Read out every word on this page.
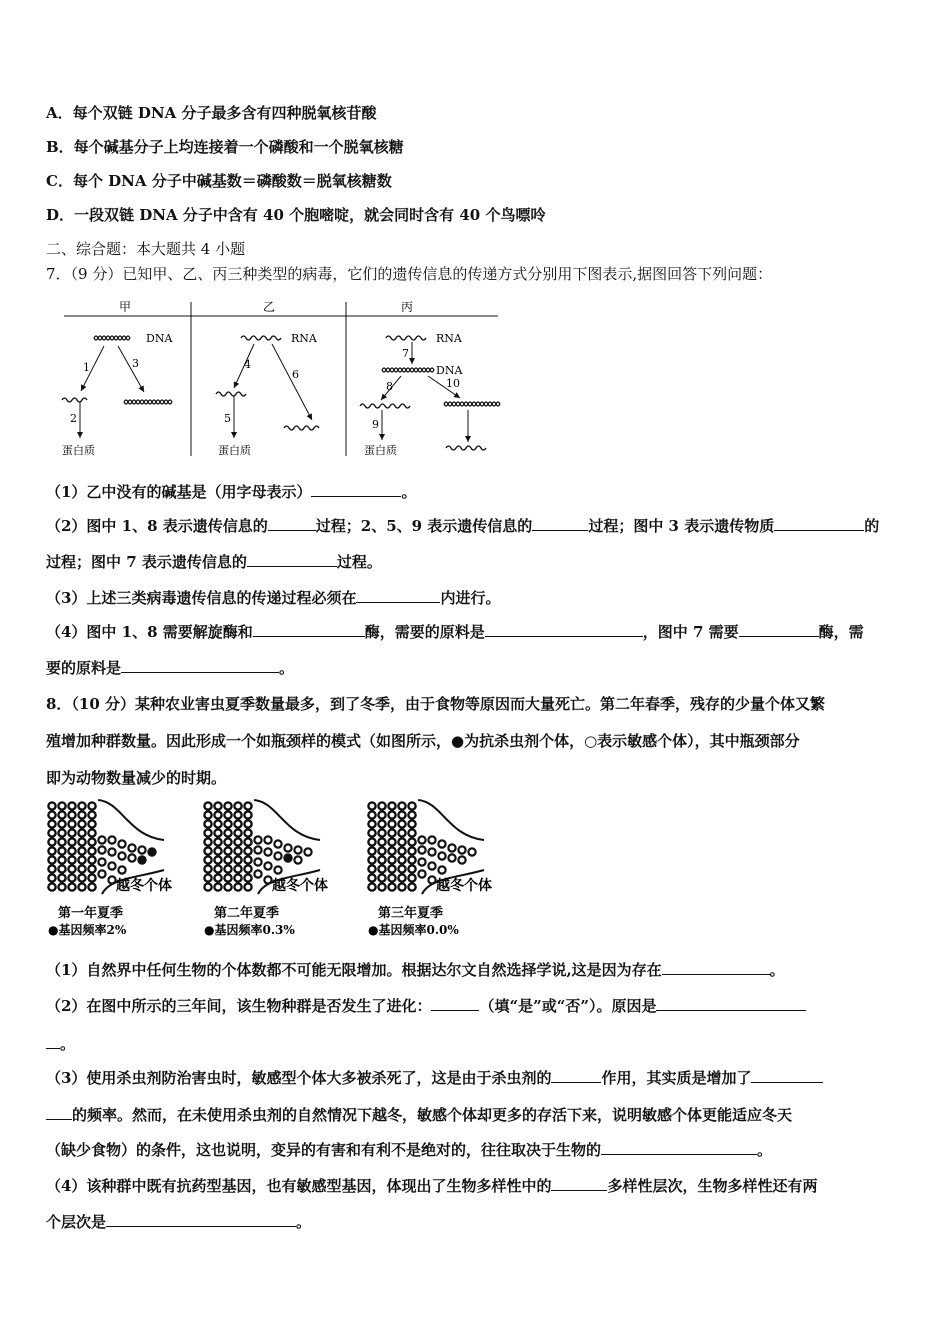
A．每个双链 DNA 分子最多含有四种脱氧核苷酸
B．每个碱基分子上均连接着一个磷酸和一个脱氧核糖
C．每个 DNA 分子中碱基数＝磷酸数＝脱氧核糖数
D．一段双链 DNA 分子中含有 40 个胞嘧啶，就会同时含有 40 个鸟嘌呤
二、综合题：本大题共 4 小题
7．（9 分）已知甲、乙、丙三种类型的病毒，它们的遗传信息的传递方式分别用下图表示,据图回答下列问题：
甲	乙	丙
DNA
1	3
2
蛋白质
RNA
4
6
5
蛋白质
RNA
7
DNA
8	10
9
蛋白质
（1）乙中没有的碱基是（用字母表示）	。
（2）图中 1、8 表示遗传信息的	过程；2、5、9 表示遗传信息的	过程；图中 3 表示遗传物质	的
过程；图中 7 表示遗传信息的	过程。
（3）上述三类病毒遗传信息的传递过程必须在	内进行。
（4）图中 1、8 需要解旋酶和	酶，需要的原料是	，图中 7 需要	酶，需
要的原料是	。
8．（10 分）某种农业害虫夏季数量最多，到了冬季，由于食物等原因而大量死亡。第二年春季，残存的少量个体又繁
殖增加种群数量。因此形成一个如瓶颈样的模式（如图所示，●为抗杀虫剂个体，○表示敏感个体），其中瓶颈部分
即为动物数量减少的时期。
越冬个体
第一年夏季
●基因频率2%
越冬个体
第二年夏季
●基因频率0.3%
越冬个体
第三年夏季
●基因频率0.0%
（1）自然界中任何生物的个体数都不可能无限增加。根据达尔文自然选择学说,这是因为存在	。
（2）在图中所示的三年间，该生物种群是否发生了进化：	（填“是”或“否”）。原因是
。
（3）使用杀虫剂防治害虫时，敏感型个体大多被杀死了，这是由于杀虫剂的	作用，其实质是增加了
的频率。然而，在未使用杀虫剂的自然情况下越冬，敏感个体却更多的存活下来，说明敏感个体更能适应冬天
（缺少食物）的条件，这也说明，变异的有害和有利不是绝对的，往往取决于生物的	。
（4）该种群中既有抗药型基因，也有敏感型基因，体现出了生物多样性中的	多样性层次，生物多样性还有两
个层次是	。
